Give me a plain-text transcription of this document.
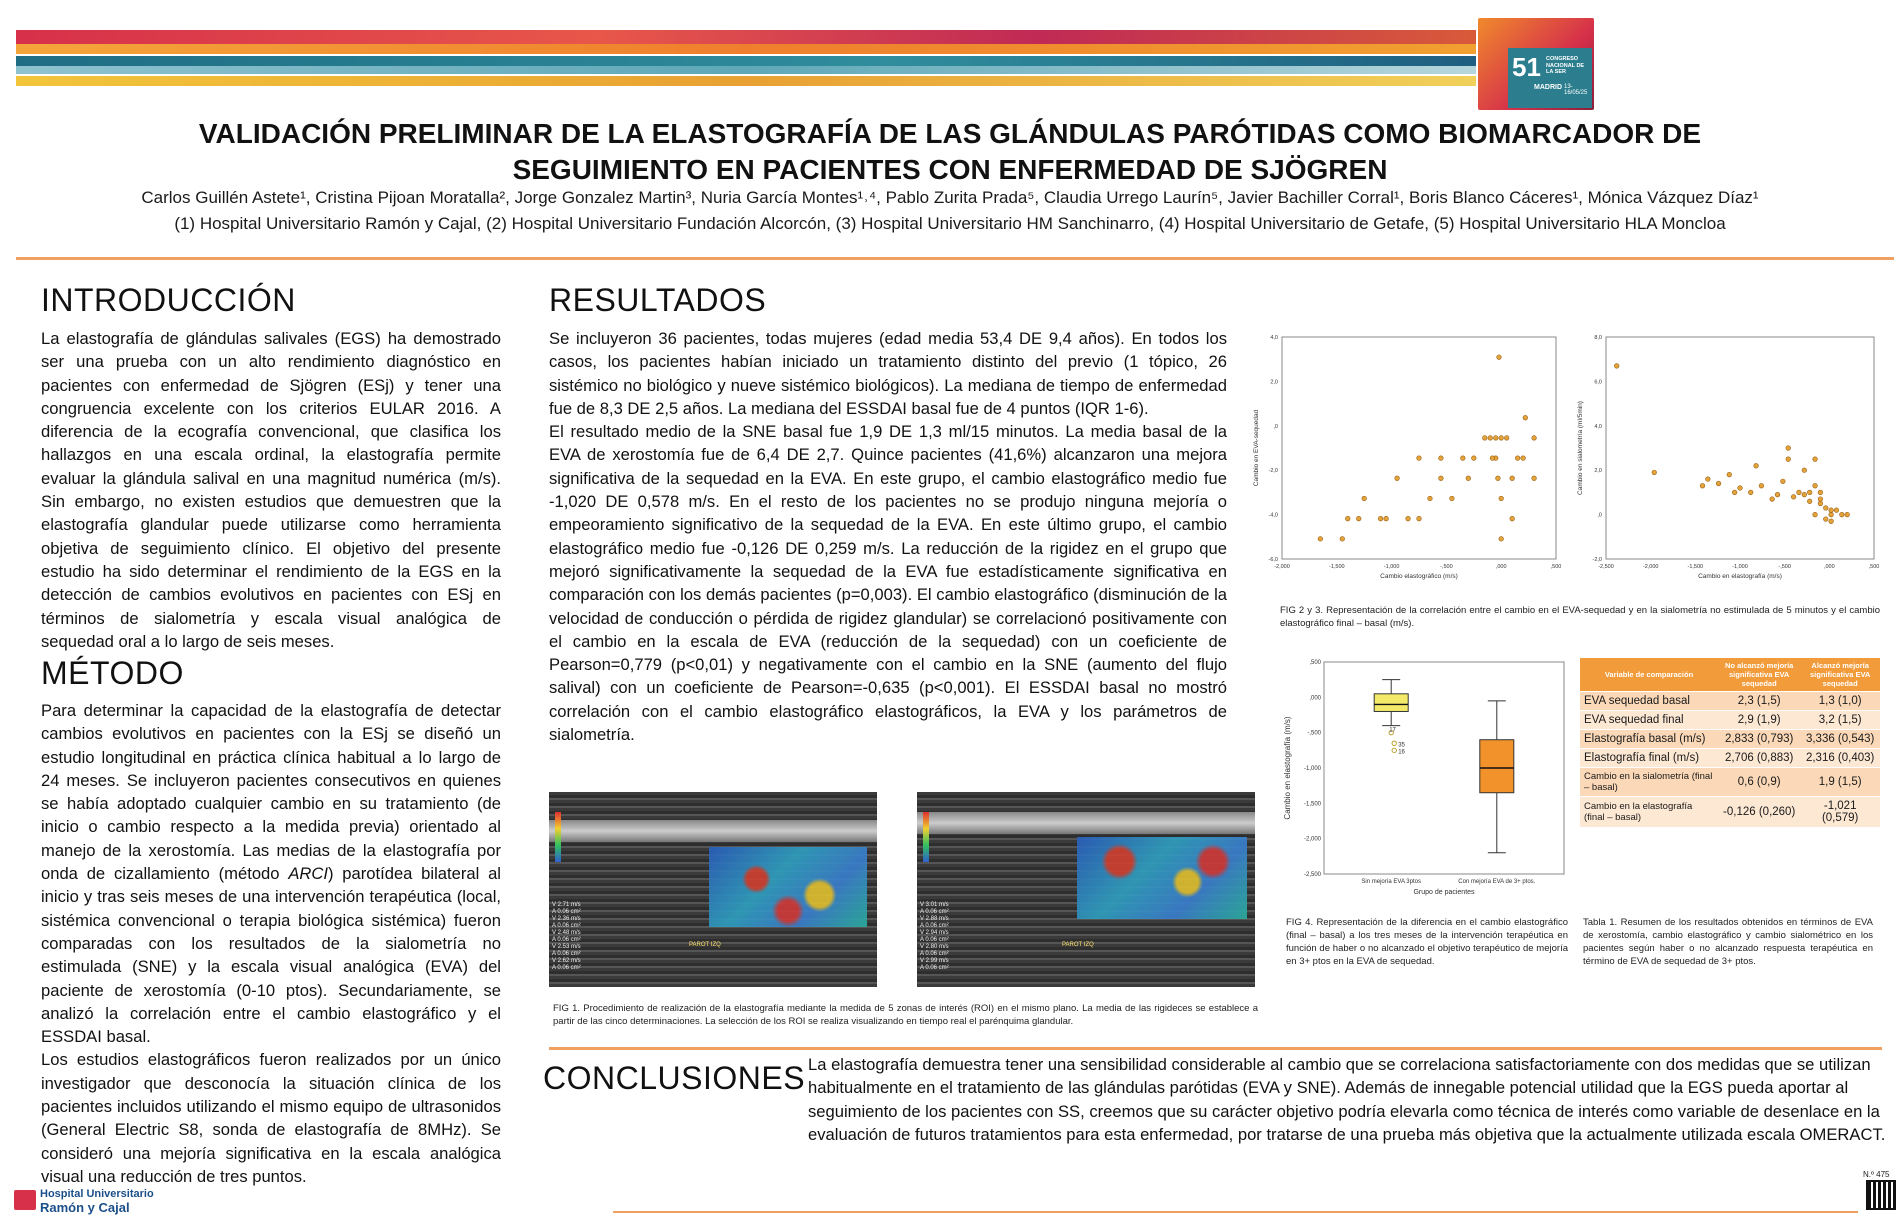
51 CONGRESO NACIONAL DE LA SER
MADRID 13-16/05/25
VALIDACIÓN PRELIMINAR DE LA ELASTOGRAFÍA DE LAS GLÁNDULAS PARÓTIDAS COMO BIOMARCADOR DE
SEGUIMIENTO EN PACIENTES CON ENFERMEDAD DE SJÖGREN
Carlos Guillén Astete¹, Cristina Pijoan Moratalla², Jorge Gonzalez Martin³, Nuria García Montes¹˒⁴, Pablo Zurita Prada⁵, Claudia Urrego Laurín⁵, Javier Bachiller Corral¹, Boris Blanco Cáceres¹, Mónica Vázquez Díaz¹
(1) Hospital Universitario Ramón y Cajal, (2) Hospital Universitario Fundación Alcorcón, (3) Hospital Universitario HM Sanchinarro, (4) Hospital Universitario de Getafe, (5) Hospital Universitario HLA Moncloa
INTRODUCCIÓN
La elastografía de glándulas salivales (EGS) ha demostrado ser una prueba con un alto rendimiento diagnóstico en pacientes con enfermedad de Sjögren (ESj) y tener una congruencia excelente con los criterios EULAR 2016. A diferencia de la ecografía convencional, que clasifica los hallazgos en una escala ordinal, la elastografía permite evaluar la glándula salival en una magnitud numérica (m/s). Sin embargo, no existen estudios que demuestren que la elastografía glandular puede utilizarse como herramienta objetiva de seguimiento clínico. El objetivo del presente estudio ha sido determinar el rendimiento de la EGS en la detección de cambios evolutivos en pacientes con ESj en términos de sialometría y escala visual analógica de sequedad oral a lo largo de seis meses.
MÉTODO

Para determinar la capacidad de la elastografía de detectar cambios evolutivos en pacientes con la ESj se diseñó un estudio longitudinal en práctica clínica habitual a lo largo de 24 meses. Se incluyeron pacientes consecutivos en quienes se había adoptado cualquier cambio en su tratamiento (de inicio o cambio respecto a la medida previa) orientado al manejo de la xerostomía. Las medias de la elastografía por onda de cizallamiento (método ARCI) parotídea bilateral al inicio y tras seis meses de una intervención terapéutica (local, sistémica convencional o terapia biológica sistémica) fueron comparadas con los resultados de la sialometría no estimulada (SNE) y la escala visual analógica (EVA) del paciente de xerostomía (0-10 ptos). Secundariamente, se analizó la correlación entre el cambio elastográfico y el ESSDAI basal.

Los estudios elastográficos fueron realizados por un único investigador que desconocía la situación clínica de los pacientes incluidos utilizando el mismo equipo de ultrasonidos (General Electric S8, sonda de elastografía de 8MHz). Se consideró una mejoría significativa en la escala analógica visual una reducción de tres puntos.

Hospital Universitario
Ramón y Cajal
RESULTADOS

Se incluyeron 36 pacientes, todas mujeres (edad media 53,4 DE 9,4 años). En todos los casos, los pacientes habían iniciado un tratamiento distinto del previo (1 tópico, 26 sistémico no biológico y nueve sistémico biológicos). La mediana de tiempo de enfermedad fue de 8,3 DE 2,5 años. La mediana del ESSDAI basal fue de 4 puntos (IQR 1-6).

El resultado medio de la SNE basal fue 1,9 DE 1,3 ml/15 minutos. La media basal de la EVA de xerostomía fue de 6,4 DE 2,7. Quince pacientes (41,6%) alcanzaron una mejora significativa de la sequedad en la EVA. En este grupo, el cambio elastográfico medio fue -1,020 DE 0,578 m/s. En el resto de los pacientes no se produjo ninguna mejoría o empeoramiento significativo de la sequedad de la EVA. En este último grupo, el cambio elastográfico medio fue -0,126 DE 0,259 m/s. La reducción de la rigidez en el grupo que mejoró significativamente la sequedad de la EVA fue estadísticamente significativa en comparación con los demás pacientes (p=0,003). El cambio elastográfico (disminución de la velocidad de conducción o pérdida de rigidez glandular) se correlacionó positivamente con el cambio en la escala de EVA (reducción de la sequedad) con un coeficiente de Pearson=0,779 (p<0,01) y negativamente con el cambio en la SNE (aumento del flujo salival) con un coeficiente de Pearson=-0,635 (p<0,001). El ESSDAI basal no mostró correlación con el cambio elastográfico elastográficos, la EVA y los parámetros de sialometría.

V 2.71 m/s
A 0.06 cm²
V 2.36 m/s
A 0.06 cm²
V 2.48 m/s
A 0.06 cm²
V 2.53 m/s
A 0.06 cm²
V 2.62 m/s
A 0.06 cm²
PAROT IZQ
V 3.01 m/s
A 0.06 cm²
V 2.88 m/s
A 0.06 cm²
V 2.94 m/s
A 0.06 cm²
V 2.80 m/s
A 0.06 cm²
V 2.99 m/s
A 0.06 cm²
PAROT IZQ
FIG 1. Procedimiento de realización de la elastografía mediante la medida de 5 zonas de interés (ROI) en el mismo plano. La media de las rigideces se establece a partir de las cinco determinaciones. La selección de los ROI se realiza visualizando en tiempo real el parénquima glandular.
-2,000	-1,500	-1,000	-,500	,000	,500
-6,0
-4,0
-2,0
,0
2,0
4,0
Cambio elastográfico (m/s)
Cambio en EVA-sequedad
-2,500	-2,000	-1,500	-1,000	-,500	,000	,500
-2,0
,0
2,0
4,0
6,0
8,0
Cambio en elastografía (m/s)
Cambio en sialometría (ml/5min)
FIG 2 y 3. Representación de la correlación entre el cambio en el EVA-sequedad y en la sialometría no estimulada de 5 minutos y el cambio elastográfico final – basal (m/s).
,500
,000
-,500
-1,000
-1,500
-2,000
-2,500
17
35
16
Sin mejoría EVA 3ptos	Con mejoría EVA de 3+ ptos.
Grupo de pacientes
Cambio en elastografía (m/s)
FIG 4. Representación de la diferencia en el cambio elastográfico (final – basal) a los tres meses de la intervención terapéutica en función de haber o no alcanzado el objetivo terapéutico de mejoría en 3+ ptos en la EVA de sequedad.
Variable de comparación	No alcanzó mejoría significativa EVA sequedad	Alcanzó mejoría significativa EVA sequedad
EVA sequedad basal	2,3 (1,5)	1,3 (1,0)
EVA sequedad final	2,9 (1,9)	3,2 (1,5)
Elastografía basal (m/s)	2,833 (0,793)	3,336 (0,543)
Elastografía final (m/s)	2,706 (0,883)	2,316 (0,403)
Cambio en la sialometría (final – basal)	0,6 (0,9)	1,9 (1,5)
Cambio en la elastografía (final – basal)	-0,126 (0,260)	-1,021 (0,579)
Tabla 1. Resumen de los resultados obtenidos en términos de EVA de xerostomía, cambio elastográfico y cambio sialométrico en los pacientes según haber o no alcanzado respuesta terapéutica en término de EVA de sequedad de 3+ ptos.
CONCLUSIONES La elastografía demuestra tener una sensibilidad considerable al cambio que se correlaciona satisfactoriamente con dos medidas que se utilizan habitualmente en el tratamiento de las glándulas parótidas (EVA y SNE). Además de innegable potencial utilidad que la EGS pueda aportar al seguimiento de los pacientes con SS, creemos que su carácter objetivo podría elevarla como técnica de interés como variable de desenlace en la evaluación de futuros tratamientos para esta enfermedad, por tratarse de una prueba más objetiva que la actualmente utilizada escala OMERACT.
N.º 475
